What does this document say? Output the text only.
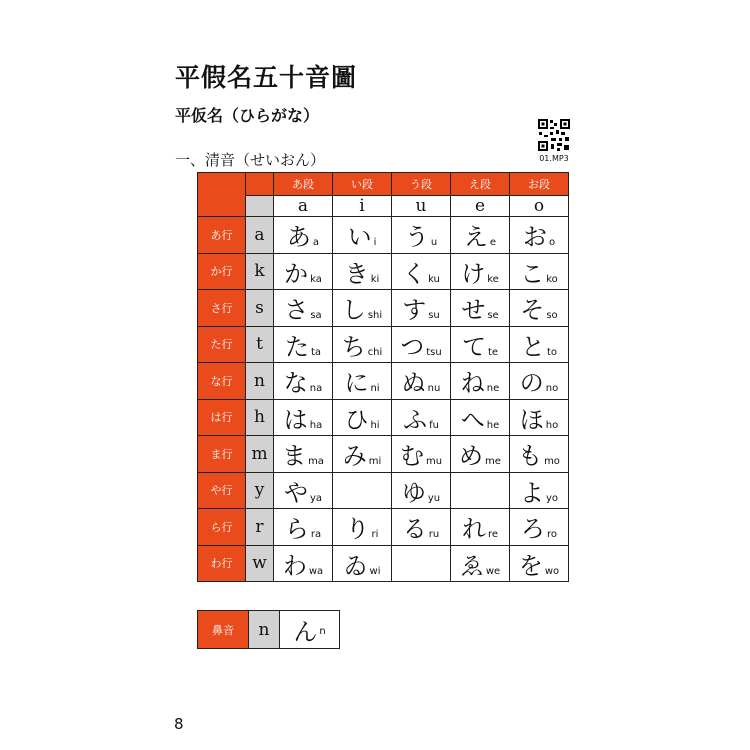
平假名五十音圖
平仮名（ひらがな）
01.MP3
一、清音（せいおん）
		あ段	い段	う段	え段	お段
		a	i	u	e	o
あ行	a	あ a	い i	う u	え e	お o
か行	k	か ka	き ki	く ku	け ke	こ ko
さ行	s	さ sa	し shi	す su	せ se	そ so
た行	t	た ta	ち chi	つ tsu	て te	と to
な行	n	な na	に ni	ぬ nu	ね ne	の no
は行	h	は ha	ひ hi	ふ fu	へ he	ほ ho
ま行	m	ま ma	み mi	む mu	め me	も mo
や行	y	や ya		ゆ yu		よ yo
ら行	r	ら ra	り ri	る ru	れ re	ろ ro
わ行	w	わ wa	ゐ wi		ゑ we	を wo
鼻音	n	ん $^n$
8
